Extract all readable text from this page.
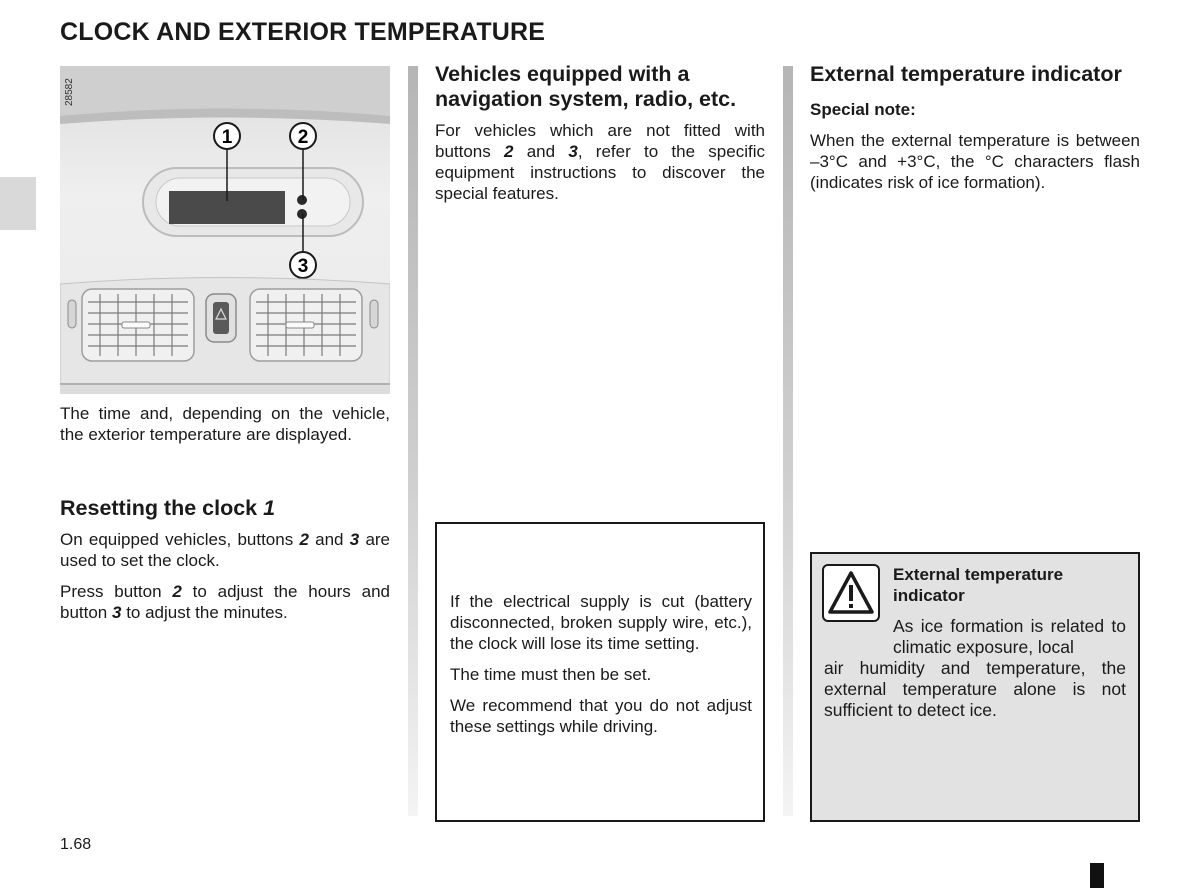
CLOCK AND EXTERIOR TEMPERATURE
1	2
3
28582

The time and, depending on the vehicle, the exterior temperature are displayed.

Resetting the clock 1

On equipped vehicles, buttons 2 and 3 are used to set the clock.

Press button 2 to adjust the hours and button 3 to adjust the minutes.

Vehicles equipped with a navigation system, radio, etc.

For vehicles which are not fitted with buttons 2 and 3, refer to the specific equipment instructions to discover the special features.

If the electrical supply is cut (battery disconnected, broken supply wire, etc.), the clock will lose its time setting.

The time must then be set.

We recommend that you do not adjust these settings while driving.

External temperature indicator
Special note:

When the external temperature is between –3°C and +3°C, the °C characters flash (indicates risk of ice formation).

External temperature indicator

As ice formation is related to climatic exposure, local

air humidity and temperature, the external temperature alone is not sufficient to detect ice.

1.68
